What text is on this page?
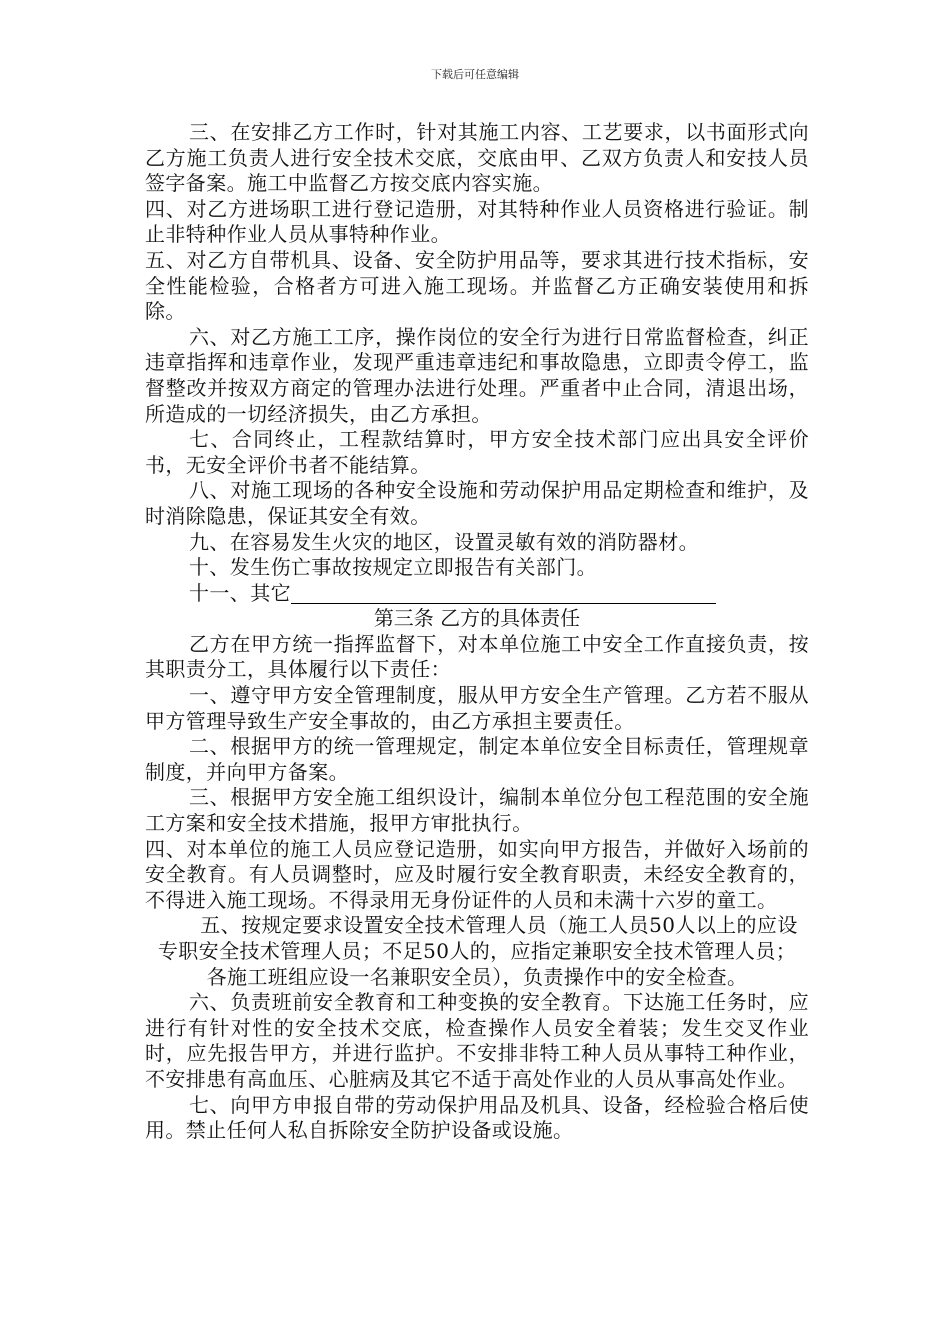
下载后可任意编辑

三、在安排乙方工作时，针对其施工内容、工艺要求，以书面形式向乙方施工负责人进行安全技术交底，交底由甲、乙双方负责人和安技人员签字备案。施工中监督乙方按交底内容实施。

四、对乙方进场职工进行登记造册，对其特种作业人员资格进行验证。制止非特种作业人员从事特种作业。

五、对乙方自带机具、设备、安全防护用品等，要求其进行技术指标，安全性能检验，合格者方可进入施工现场。并监督乙方正确安装使用和拆除。

六、对乙方施工工序，操作岗位的安全行为进行日常监督检查，纠正违章指挥和违章作业，发现严重违章违纪和事故隐患，立即责令停工，监督整改并按双方商定的管理办法进行处理。严重者中止合同，清退出场，所造成的一切经济损失，由乙方承担。

七、合同终止，工程款结算时，甲方安全技术部门应出具安全评价书，无安全评价书者不能结算。

八、对施工现场的各种安全设施和劳动保护用品定期检查和维护，及时消除隐患，保证其安全有效。

九、在容易发生火灾的地区，设置灵敏有效的消防器材。

十、发生伤亡事故按规定立即报告有关部门。

十一、其它

第三条 乙方的具体责任

乙方在甲方统一指挥监督下，对本单位施工中安全工作直接负责，按其职责分工，具体履行以下责任：

一、遵守甲方安全管理制度，服从甲方安全生产管理。乙方若不服从甲方管理导致生产安全事故的，由乙方承担主要责任。

二、根据甲方的统一管理规定，制定本单位安全目标责任，管理规章制度，并向甲方备案。

三、根据甲方安全施工组织设计，编制本单位分包工程范围的安全施工方案和安全技术措施，报甲方审批执行。

四、对本单位的施工人员应登记造册，如实向甲方报告，并做好入场前的安全教育。有人员调整时，应及时履行安全教育职责，未经安全教育的，不得进入施工现场。不得录用无身份证件的人员和未满十六岁的童工。

五、按规定要求设置安全技术管理人员（施工人员50人以上的应设专职安全技术管理人员；不足50人的，应指定兼职安全技术管理人员；各施工班组应设一名兼职安全员），负责操作中的安全检查。

六、负责班前安全教育和工种变换的安全教育。下达施工任务时，应进行有针对性的安全技术交底，检查操作人员安全着装；发生交叉作业时，应先报告甲方，并进行监护。不安排非特工种人员从事特工种作业，不安排患有高血压、心脏病及其它不适于高处作业的人员从事高处作业。

七、向甲方申报自带的劳动保护用品及机具、设备，经检验合格后使用。禁止任何人私自拆除安全防护设备或设施。
